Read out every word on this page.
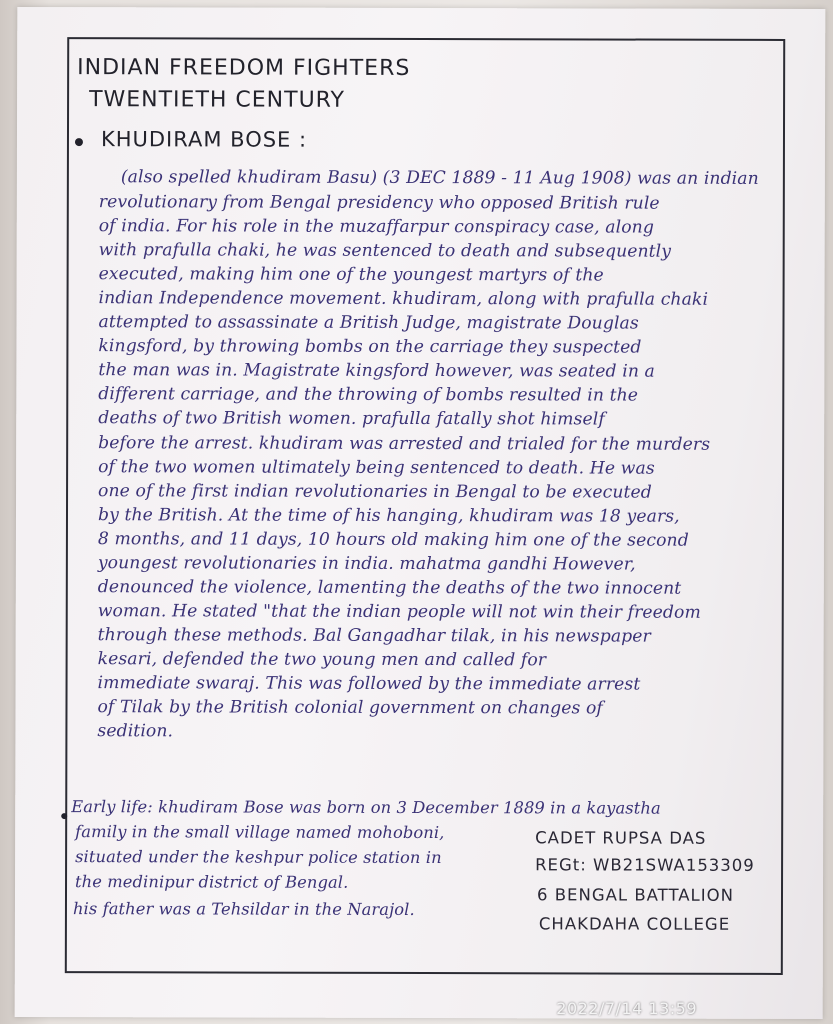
INDIAN FREEDOM FIGHTERS
TWENTIETH CENTURY
KHUDIRAM BOSE :
(also spelled khudiram Basu) (3 DEC 1889 - 11 Aug 1908) was an indian
revolutionary from Bengal presidency who opposed British rule
of india. For his role in the muzaffarpur conspiracy case, along
with prafulla chaki, he was sentenced to death and subsequently
executed, making him one of the youngest martyrs of the
indian Independence movement. khudiram, along with prafulla chaki
attempted to assassinate a British Judge, magistrate Douglas
kingsford, by throwing bombs on the carriage they suspected
the man was in. Magistrate kingsford however, was seated in a
different carriage, and the throwing of bombs resulted in the
deaths of two British women. prafulla fatally shot himself
before the arrest. khudiram was arrested and trialed for the murders
of the two women ultimately being sentenced to death. He was
one of the first indian revolutionaries in Bengal to be executed
by the British. At the time of his hanging, khudiram was 18 years,
8 months, and 11 days, 10 hours old making him one of the second
youngest revolutionaries in india. mahatma gandhi However,
denounced the violence, lamenting the deaths of the two innocent
woman. He stated "that the indian people will not win their freedom
through these methods. Bal Gangadhar tilak, in his newspaper
kesari, defended the two young men and called for
immediate swaraj. This was followed by the immediate arrest
of Tilak by the British colonial government on changes of
sedition.
Early life: khudiram Bose was born on 3 December 1889 in a kayastha
family in the small village named mohoboni,
situated under the keshpur police station in
the medinipur district of Bengal.
his father was a Tehsildar in the Narajol.
CADET RUPSA DAS
REGt: WB21SWA153309
6 BENGAL BATTALION
CHAKDAHA COLLEGE
2022/7/14 13:59
